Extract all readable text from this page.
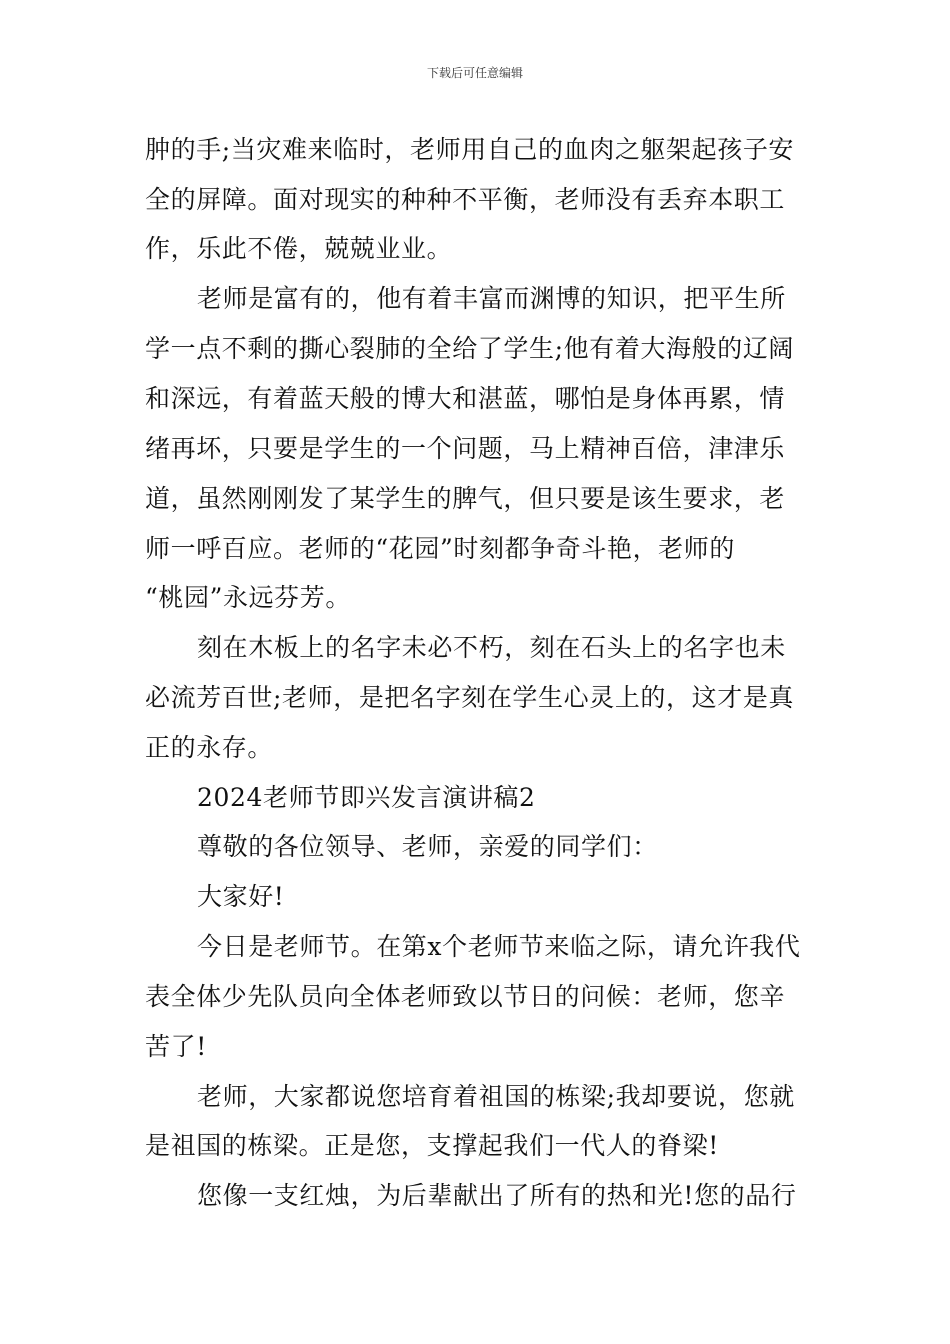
下载后可任意编辑
肿的手;当灾难来临时，老师用自己的血肉之躯架起孩子安
全的屏障。面对现实的种种不平衡，老师没有丢弃本职工
作，乐此不倦，兢兢业业。
老师是富有的，他有着丰富而渊博的知识，把平生所
学一点不剩的撕心裂肺的全给了学生;他有着大海般的辽阔
和深远，有着蓝天般的博大和湛蓝，哪怕是身体再累，情
绪再坏，只要是学生的一个问题，马上精神百倍，津津乐
道，虽然刚刚发了某学生的脾气，但只要是该生要求，老
师一呼百应。老师的“花园”时刻都争奇斗艳，老师的
“桃园”永远芬芳。
刻在木板上的名字未必不朽，刻在石头上的名字也未
必流芳百世;老师，是把名字刻在学生心灵上的，这才是真
正的永存。
2024老师节即兴发言演讲稿2
尊敬的各位领导、老师，亲爱的同学们：
大家好!
今日是老师节。在第x个老师节来临之际，请允许我代
表全体少先队员向全体老师致以节日的问候：老师，您辛
苦了!
老师，大家都说您培育着祖国的栋梁;我却要说，您就
是祖国的栋梁。正是您，支撑起我们一代人的脊梁!
您像一支红烛，为后辈献出了所有的热和光!您的品行
